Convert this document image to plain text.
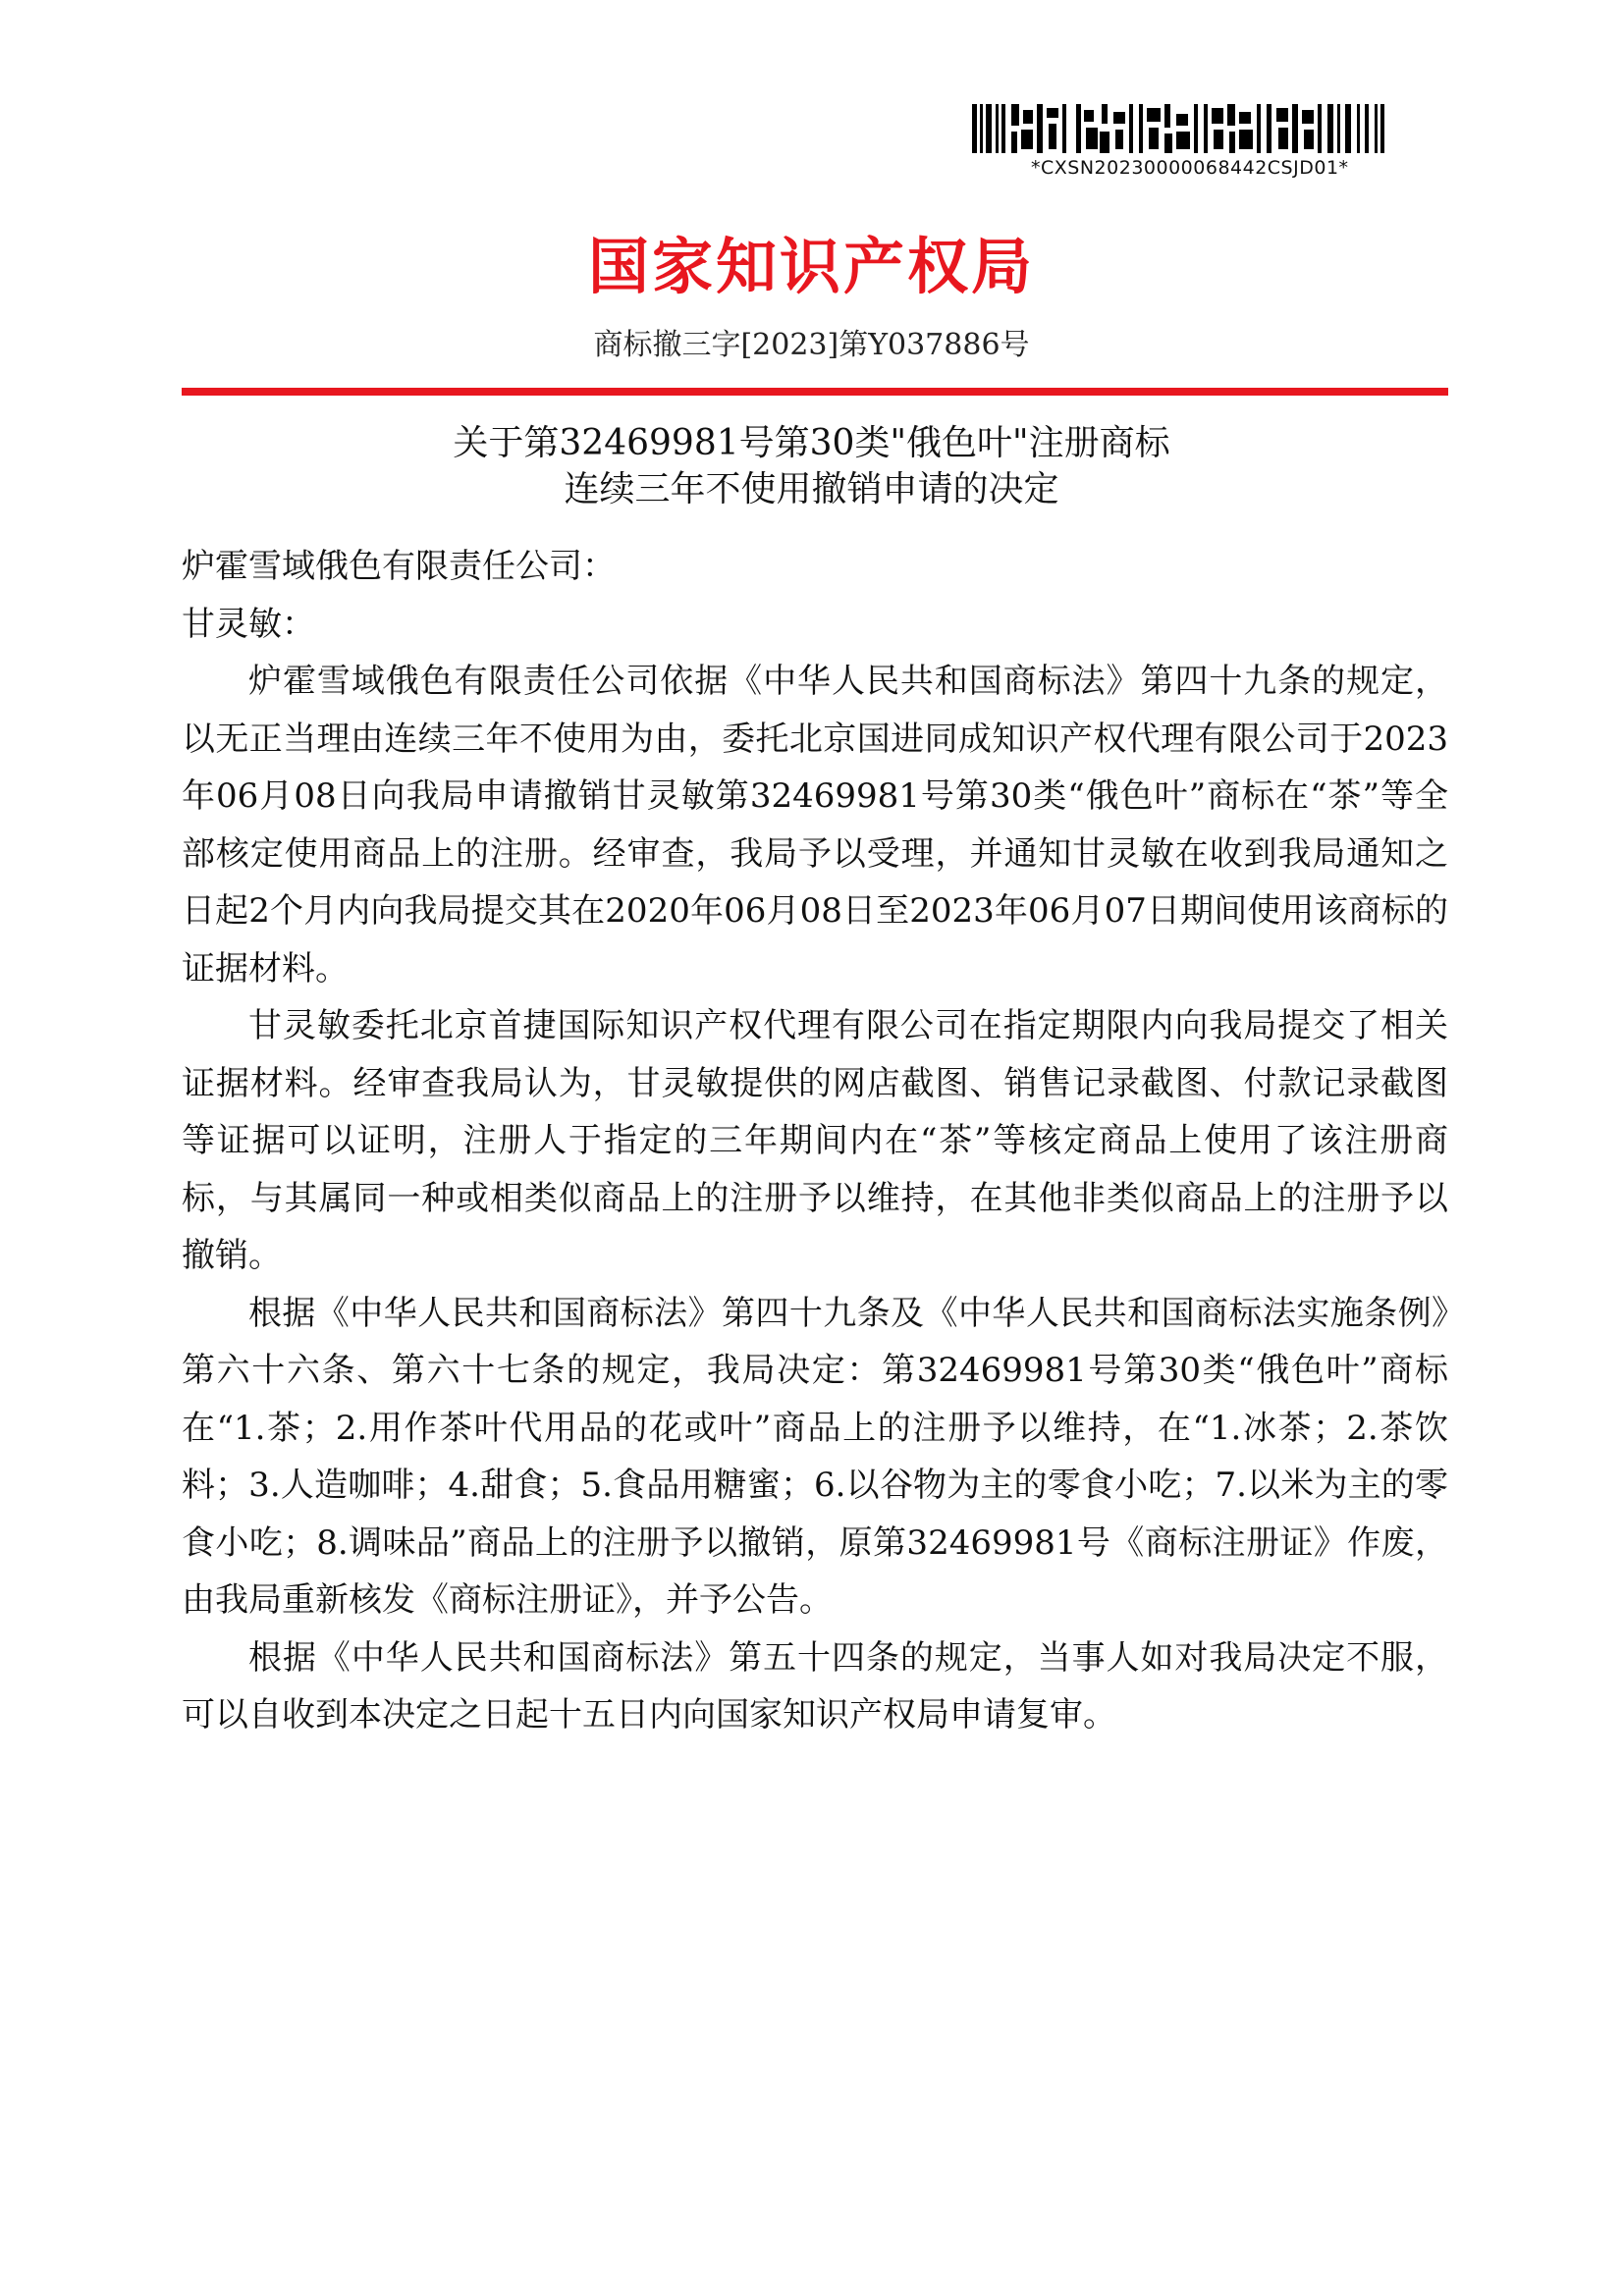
*CXSN20230000068442CSJD01*
国家知识产权局
商标撤三字[2023]第Y037886号
关于第32469981号第30类"俄色叶"注册商标
连续三年不使用撤销申请的决定

炉霍雪域俄色有限责任公司：

甘灵敏：

炉霍雪域俄色有限责任公司依据《中华人民共和国商标法》第四十九条的规定，以无正当理由连续三年不使用为由，委托北京国进同成知识产权代理有限公司于2023年06月08日向我局申请撤销甘灵敏第32469981号第30类“俄色叶”商标在“茶”等全部核定使用商品上的注册。经审查，我局予以受理，并通知甘灵敏在收到我局通知之日起2个月内向我局提交其在2020年06月08日至2023年06月07日期间使用该商标的证据材料。

甘灵敏委托北京首捷国际知识产权代理有限公司在指定期限内向我局提交了相关证据材料。经审查我局认为，甘灵敏提供的网店截图、销售记录截图、付款记录截图等证据可以证明，注册人于指定的三年期间内在“茶”等核定商品上使用了该注册商标，与其属同一种或相类似商品上的注册予以维持，在其他非类似商品上的注册予以撤销。

根据《中华人民共和国商标法》第四十九条及《中华人民共和国商标法实施条例》第六十六条、第六十七条的规定，我局决定：第32469981号第30类“俄色叶”商标在“1.茶；2.用作茶叶代用品的花或叶”商品上的注册予以维持，在“1.冰茶；2.茶饮料；3.人造咖啡；4.甜食；5.食品用糖蜜；6.以谷物为主的零食小吃；7.以米为主的零食小吃；8.调味品”商品上的注册予以撤销，原第32469981号《商标注册证》作废，由我局重新核发《商标注册证》，并予公告。

根据《中华人民共和国商标法》第五十四条的规定，当事人如对我局决定不服，可以自收到本决定之日起十五日内向国家知识产权局申请复审。
